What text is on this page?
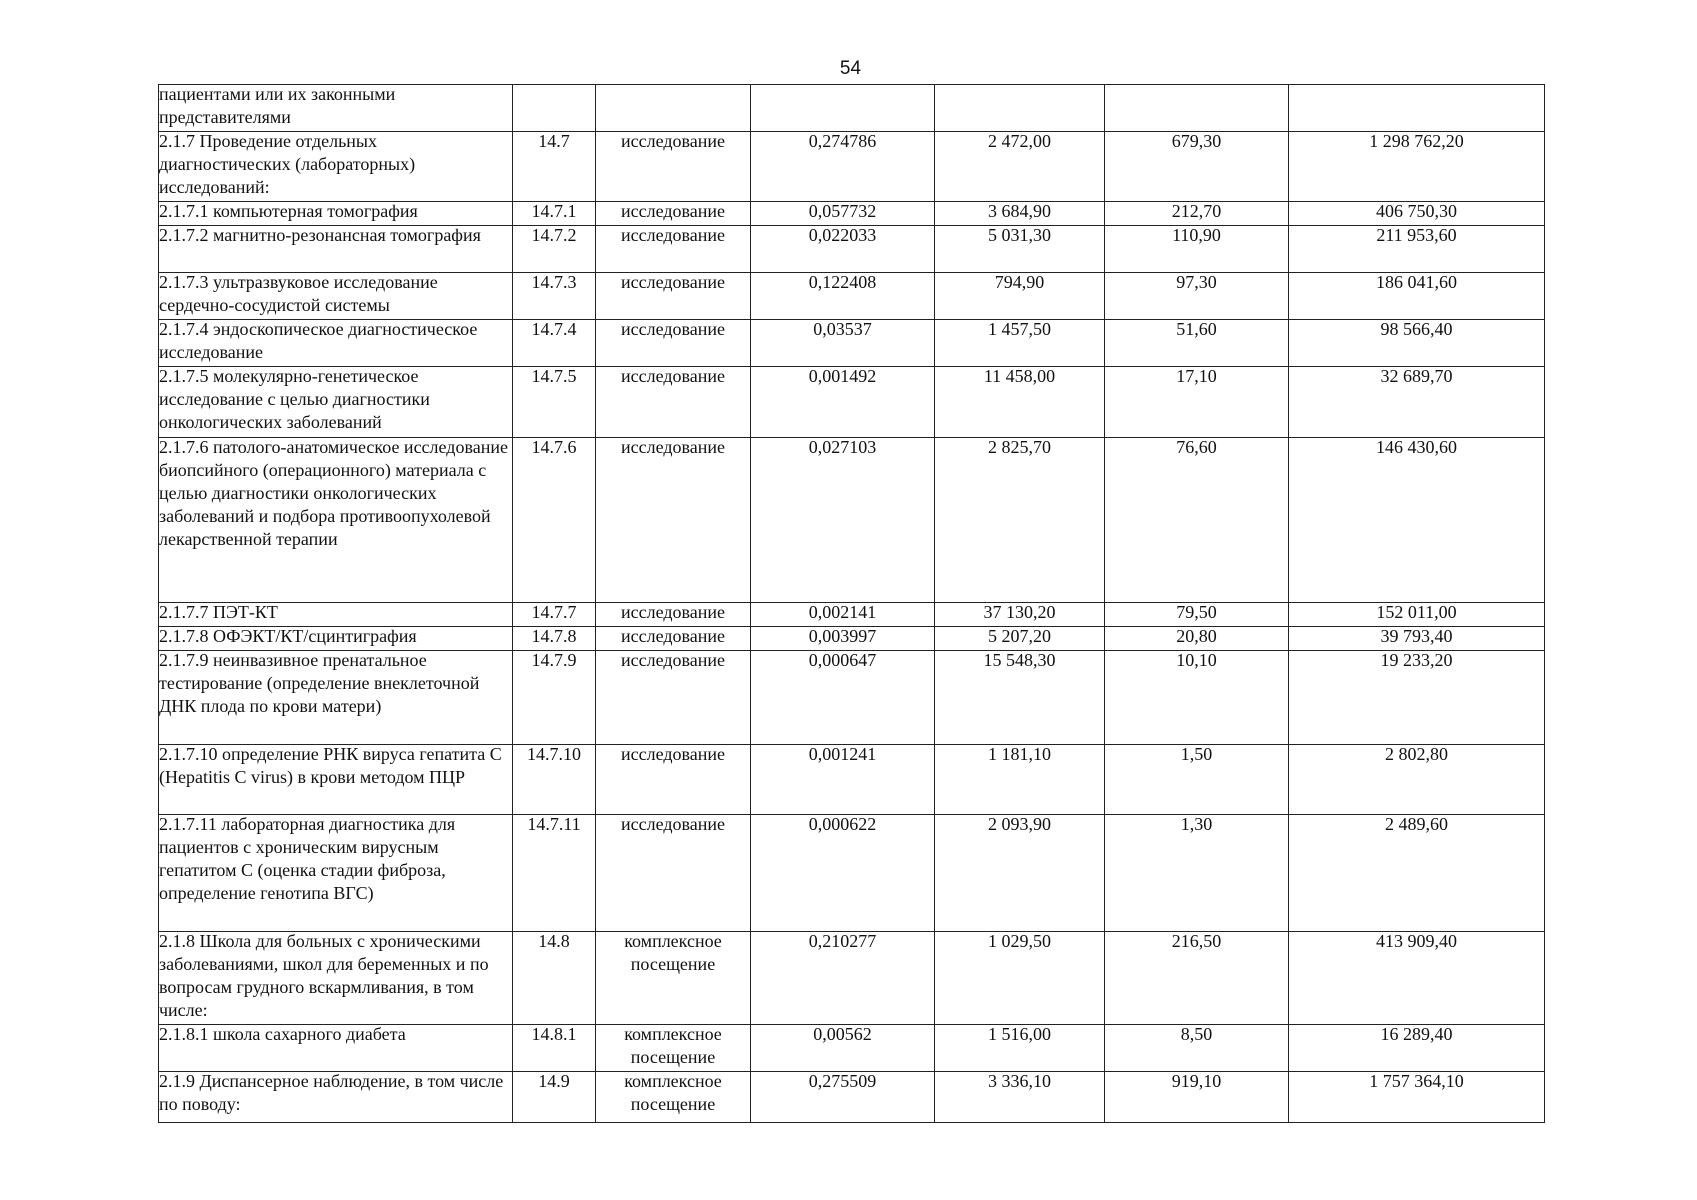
54
пациентами или их законными представителями						

2.1.7 Проведение отдельных диагностических (лабораторных) исследований:	14.7	исследование	0,274786	2 472,00	679,30	1 298 762,20

2.1.7.1 компьютерная томография	14.7.1	исследование	0,057732	3 684,90	212,70	406 750,30

2.1.7.2 магнитно-резонансная томография	14.7.2	исследование	0,022033	5 031,30	110,90	211 953,60

2.1.7.3 ультразвуковое исследование сердечно-сосудистой системы	14.7.3	исследование	0,122408	794,90	97,30	186 041,60

2.1.7.4 эндоскопическое диагностическое исследование	14.7.4	исследование	0,03537	1 457,50	51,60	98 566,40

2.1.7.5 молекулярно-генетическое исследование с целью диагностики онкологических заболеваний	14.7.5	исследование	0,001492	11 458,00	17,10	32 689,70

2.1.7.6 патолого-анатомическое исследование биопсийного (операционного) материала с целью диагностики онкологических заболеваний и подбора противоопухолевой лекарственной терапии	14.7.6	исследование	0,027103	2 825,70	76,60	146 430,60

2.1.7.7 ПЭТ-КТ	14.7.7	исследование	0,002141	37 130,20	79,50	152 011,00

2.1.7.8 ОФЭКТ/КТ/сцинтиграфия	14.7.8	исследование	0,003997	5 207,20	20,80	39 793,40

2.1.7.9 неинвазивное пренатальное тестирование (определение внеклеточной ДНК плода по крови матери)	14.7.9	исследование	0,000647	15 548,30	10,10	19 233,20

2.1.7.10 определение РНК вируса гепатита С (Hepatitis C virus) в крови методом ПЦР	14.7.10	исследование	0,001241	1 181,10	1,50	2 802,80

2.1.7.11 лабораторная диагностика для пациентов с хроническим вирусным гепатитом С (оценка стадии фиброза, определение генотипа ВГС)	14.7.11	исследование	0,000622	2 093,90	1,30	2 489,60

2.1.8 Школа для больных с хроническими заболеваниями, школ для беременных и по вопросам грудного вскармливания, в том числе:	14.8	комплексное посещение	0,210277	1 029,50	216,50	413 909,40

2.1.8.1 школа сахарного диабета	14.8.1	комплексное посещение	0,00562	1 516,00	8,50	16 289,40

2.1.9 Диспансерное наблюдение, в том числе по поводу:	14.9	комплексное посещение	0,275509	3 336,10	919,10	1 757 364,10
